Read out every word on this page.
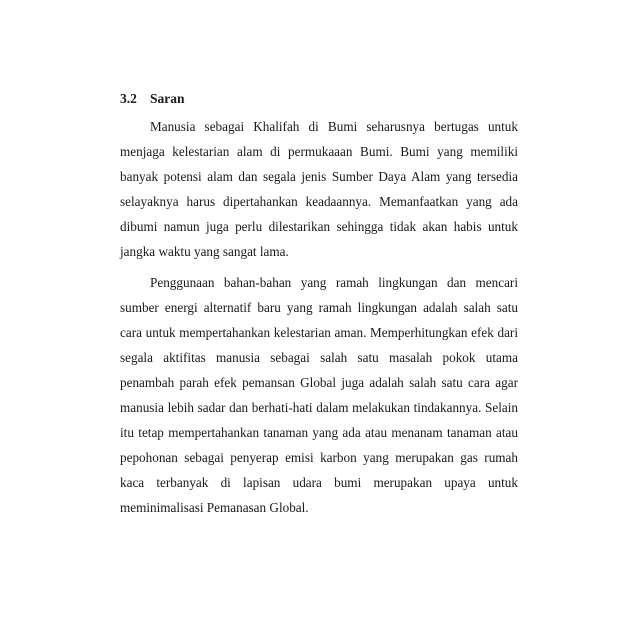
3.2 Saran

Manusia sebagai Khalifah di Bumi seharusnya bertugas untuk menjaga kelestarian alam di permukaaan Bumi. Bumi yang memiliki banyak potensi alam dan segala jenis Sumber Daya Alam yang tersedia selayaknya harus dipertahankan keadaannya. Memanfaatkan yang ada dibumi namun juga perlu dilestarikan sehingga tidak akan habis untuk jangka waktu yang sangat lama.

Penggunaan bahan-bahan yang ramah lingkungan dan mencari sumber energi alternatif baru yang ramah lingkungan adalah salah satu cara untuk mempertahankan kelestarian aman. Memperhitungkan efek dari segala aktifitas manusia sebagai salah satu masalah pokok utama penambah parah efek pemansan Global juga adalah salah satu cara agar manusia lebih sadar dan berhati-hati dalam melakukan tindakannya. Selain itu tetap mempertahankan tanaman yang ada atau menanam tanaman atau pepohonan sebagai penyerap emisi karbon yang merupakan gas rumah kaca terbanyak di lapisan udara bumi merupakan upaya untuk meminimalisasi Pemanasan Global.
